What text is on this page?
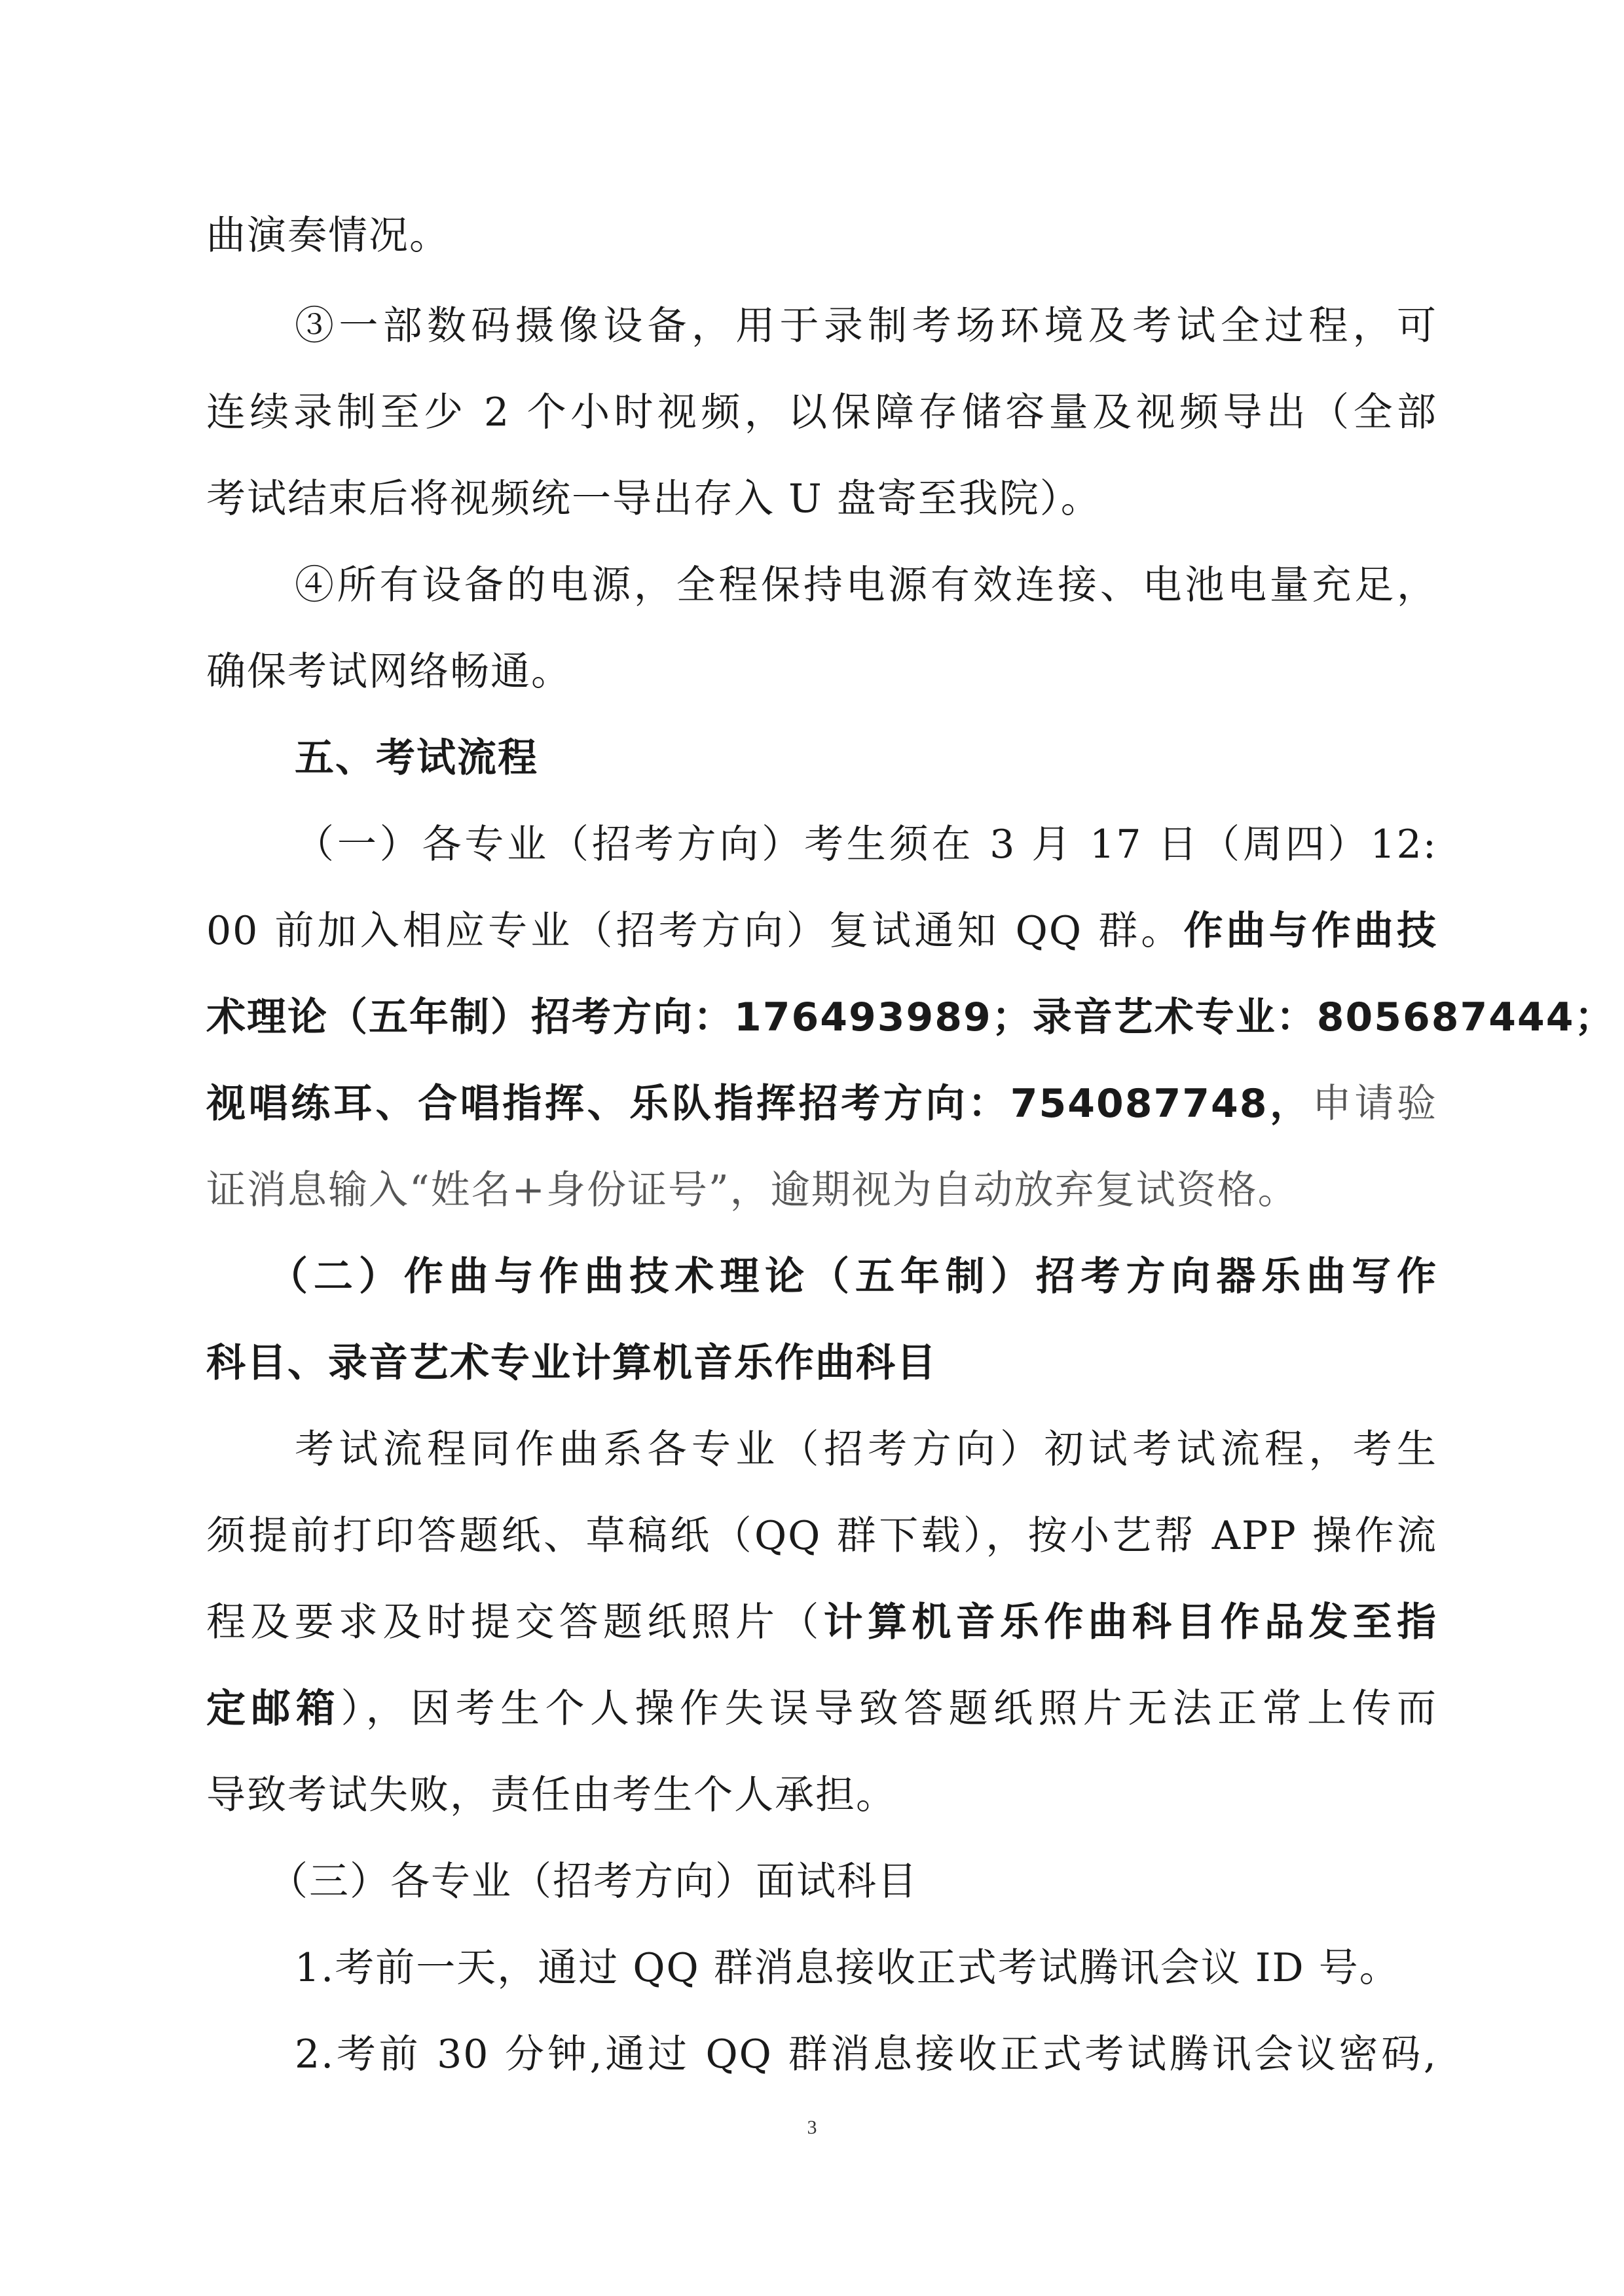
曲演奏情况。
③一部数码摄像设备，用于录制考场环境及考试全过程，可
连续录制至少 2 个小时视频，以保障存储容量及视频导出（全部
考试结束后将视频统一导出存入 U 盘寄至我院）。
④所有设备的电源，全程保持电源有效连接、电池电量充足，
确保考试网络畅通。
五、考试流程
（一）各专业（招考方向）考生须在 3 月 17 日（周四）12:
00 前加入相应专业（招考方向）复试通知 QQ 群。作曲与作曲技
术理论（五年制）招考方向：176493989；录音艺术专业：805687444；
视唱练耳、合唱指挥、乐队指挥招考方向：754087748，申请验
证消息输入“姓名+身份证号”，逾期视为自动放弃复试资格。
（二）作曲与作曲技术理论（五年制）招考方向器乐曲写作
科目、录音艺术专业计算机音乐作曲科目
考试流程同作曲系各专业（招考方向）初试考试流程，考生
须提前打印答题纸、草稿纸（QQ 群下载），按小艺帮 APP 操作流
程及要求及时提交答题纸照片（计算机音乐作曲科目作品发至指
定邮箱），因考生个人操作失误导致答题纸照片无法正常上传而
导致考试失败，责任由考生个人承担。
（三）各专业（招考方向）面试科目
1.考前一天，通过 QQ 群消息接收正式考试腾讯会议 ID 号。
2.考前 30 分钟,通过 QQ 群消息接收正式考试腾讯会议密码,
3
